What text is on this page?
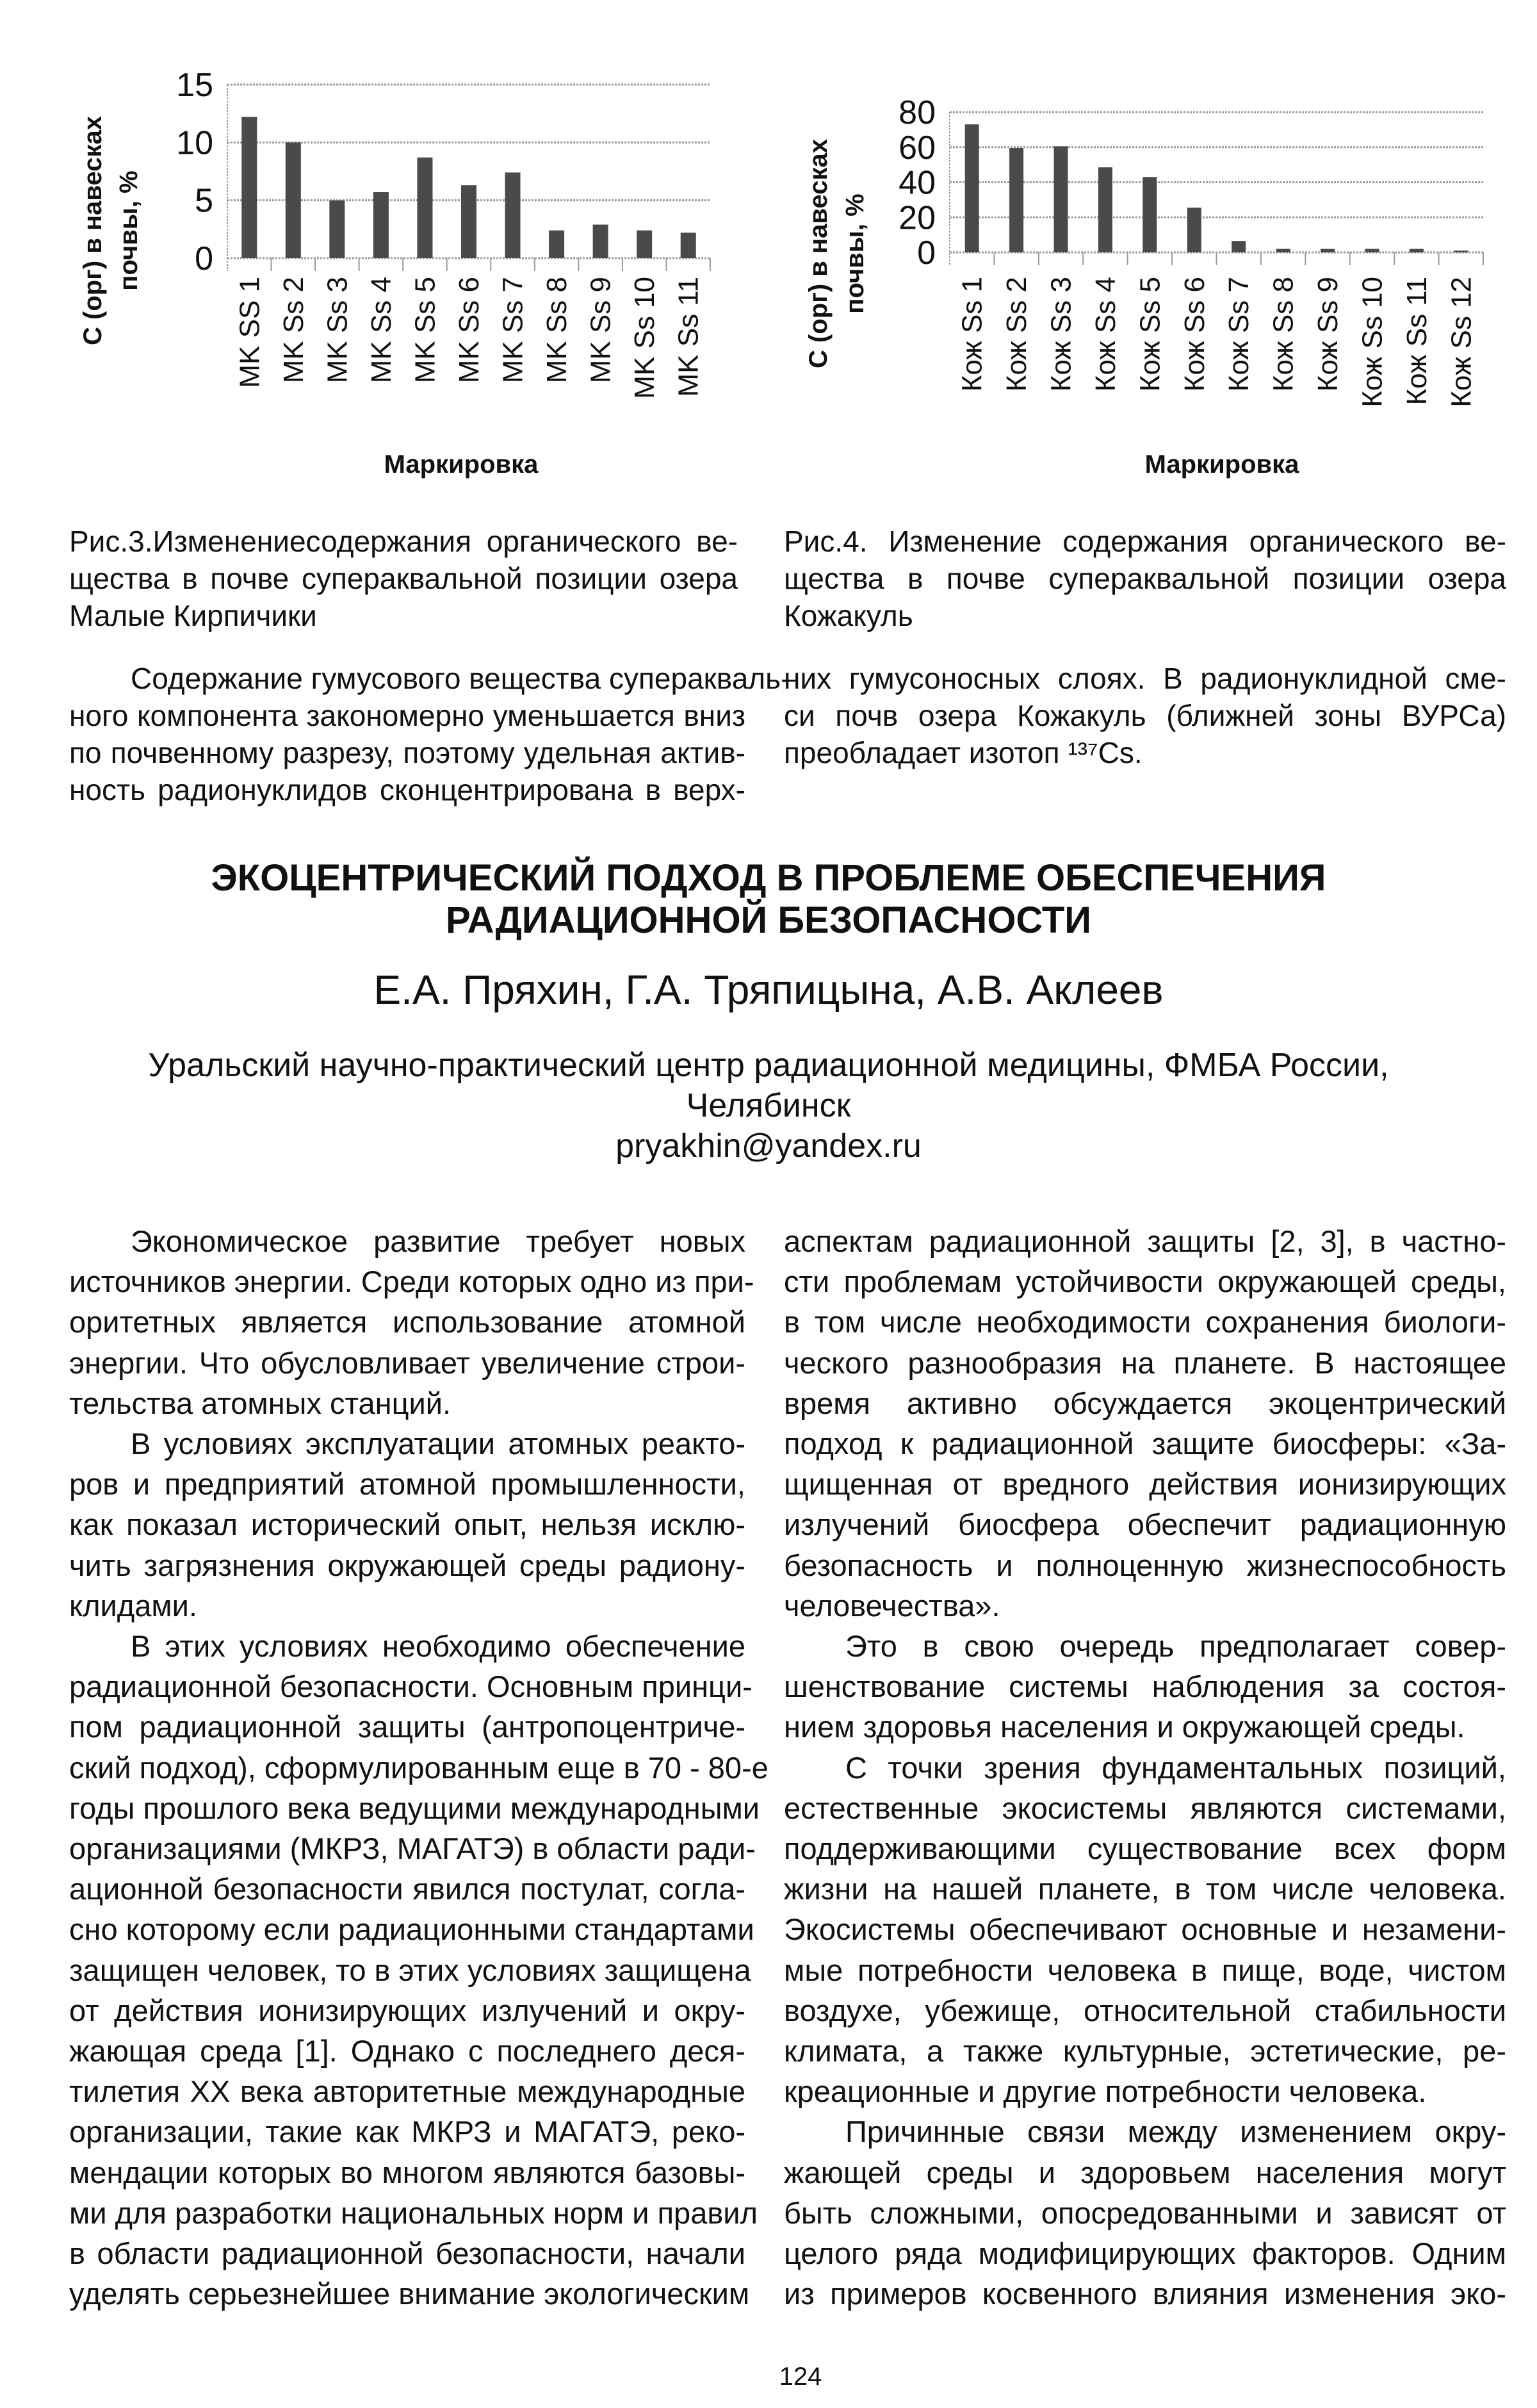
0
5
10
15
MK SS 1 MK Ss 2 MK Ss 3 MK Ss 4 MK Ss 5 MK Ss 6 MK Ss 7 MK Ss 8 MK Ss 9 MK Ss 10 MK Ss 11
С (орг) в навесках почвы, %
Маркировка
0
20
40
60
80
Кож Ss 1 Кож Ss 2 Кож Ss 3 Кож Ss 4 Кож Ss 5 Кож Ss 6 Кож Ss 7 Кож Ss 8 Кож Ss 9 Кож Ss 10 Кож Ss 11 Кож Ss 12
С (орг) в навесках почвы, %
Маркировка
Рис.3.Изменениесодержания органического ве-
щества в почве супераквальной позиции озера
Малые Кирпичики
Рис.4. Изменение содержания органического ве-
щества в почве супераквальной позиции озера
Кожакуль
Содержание гумусового вещества суперакваль-
ного компонента закономерно уменьшается вниз
по почвенному разрезу, поэтому удельная актив-
ность радионуклидов сконцентрирована в верх-
них гумусоносных слоях. В радионуклидной сме-
си почв озера Кожакуль (ближней зоны ВУРСа)
преобладает изотоп ¹³⁷Cs.
ЭКОЦЕНТРИЧЕСКИЙ ПОДХОД В ПРОБЛЕМЕ ОБЕСПЕЧЕНИЯ
РАДИАЦИОННОЙ БЕЗОПАСНОСТИ
Е.А. Пряхин, Г.А. Тряпицына, А.В. Аклеев
Уральский научно-практический центр радиационной медицины, ФМБА России,
Челябинск
pryakhin@yandex.ru
Экономическое развитие требует новых
источников энергии. Среди которых одно из при-
оритетных является использование атомной
энергии. Что обусловливает увеличение строи-
тельства атомных станций.
В условиях эксплуатации атомных реакто-
ров и предприятий атомной промышленности,
как показал исторический опыт, нельзя исклю-
чить загрязнения окружающей среды радиону-
клидами.
В этих условиях необходимо обеспечение
радиационной безопасности. Основным принци-
пом радиационной защиты (антропоцентриче-
ский подход), сформулированным еще в 70 - 80-е
годы прошлого века ведущими международными
организациями (МКРЗ, МАГАТЭ) в области ради-
ационной безопасности явился постулат, согла-
сно которому если радиационными стандартами
защищен человек, то в этих условиях защищена
от действия ионизирующих излучений и окру-
жающая среда [1]. Однако с последнего деся-
тилетия XX века авторитетные международные
организации, такие как МКРЗ и МАГАТЭ, реко-
мендации которых во многом являются базовы-
ми для разработки национальных норм и правил
в области радиационной безопасности, начали
уделять серьезнейшее внимание экологическим
аспектам радиационной защиты [2, 3], в частно-
сти проблемам устойчивости окружающей среды,
в том числе необходимости сохранения биологи-
ческого разнообразия на планете. В настоящее
время активно обсуждается экоцентрический
подход к радиационной защите биосферы: «За-
щищенная от вредного действия ионизирующих
излучений биосфера обеспечит радиационную
безопасность и полноценную жизнеспособность
человечества».
Это в свою очередь предполагает совер-
шенствование системы наблюдения за состоя-
нием здоровья населения и окружающей среды.
С точки зрения фундаментальных позиций,
естественные экосистемы являются системами,
поддерживающими существование всех форм
жизни на нашей планете, в том числе человека.
Экосистемы обеспечивают основные и незамени-
мые потребности человека в пище, воде, чистом
воздухе, убежище, относительной стабильности
климата, а также культурные, эстетические, ре-
креационные и другие потребности человека.
Причинные связи между изменением окру-
жающей среды и здоровьем населения могут
быть сложными, опосредованными и зависят от
целого ряда модифицирующих факторов. Одним
из примеров косвенного влияния изменения эко-
124
